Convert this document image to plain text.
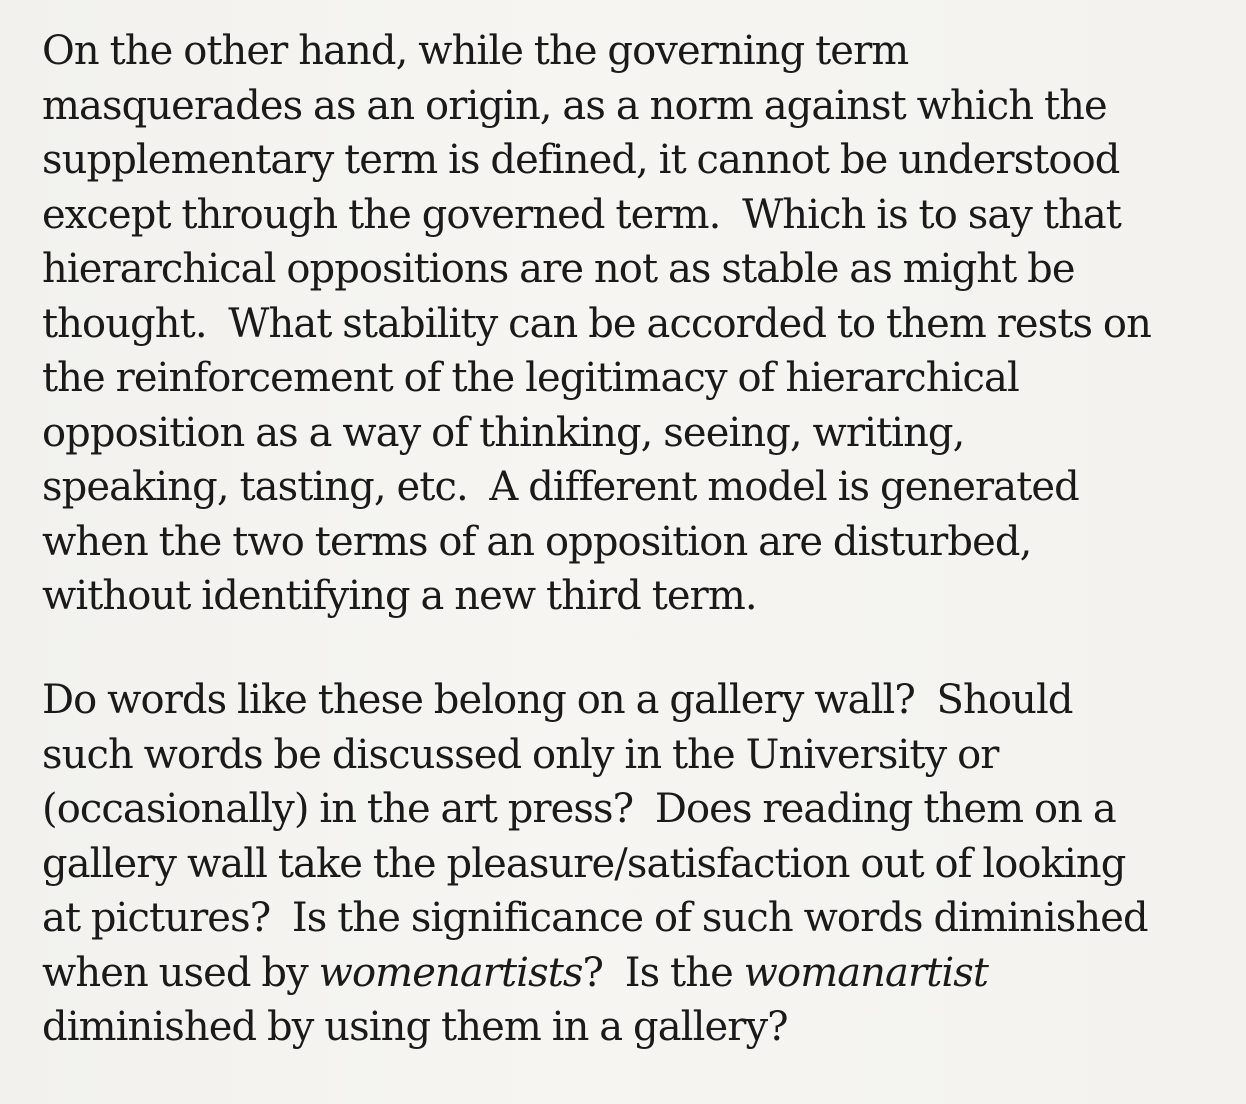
On the other hand, while the governing term
masquerades as an origin, as a norm against which the
supplementary term is defined, it cannot be understood
except through the governed term.  Which is to say that
hierarchical oppositions are not as stable as might be
thought.  What stability can be accorded to them rests on
the reinforcement of the legitimacy of hierarchical
opposition as a way of thinking, seeing, writing,
speaking, tasting, etc.  A different model is generated
when the two terms of an opposition are disturbed,
without identifying a new third term.

Do words like these belong on a gallery wall?  Should
such words be discussed only in the University or
(occasionally) in the art press?  Does reading them on a
gallery wall take the pleasure/satisfaction out of looking
at pictures?  Is the significance of such words diminished
when used by womenartists?  Is the womanartist
diminished by using them in a gallery?
